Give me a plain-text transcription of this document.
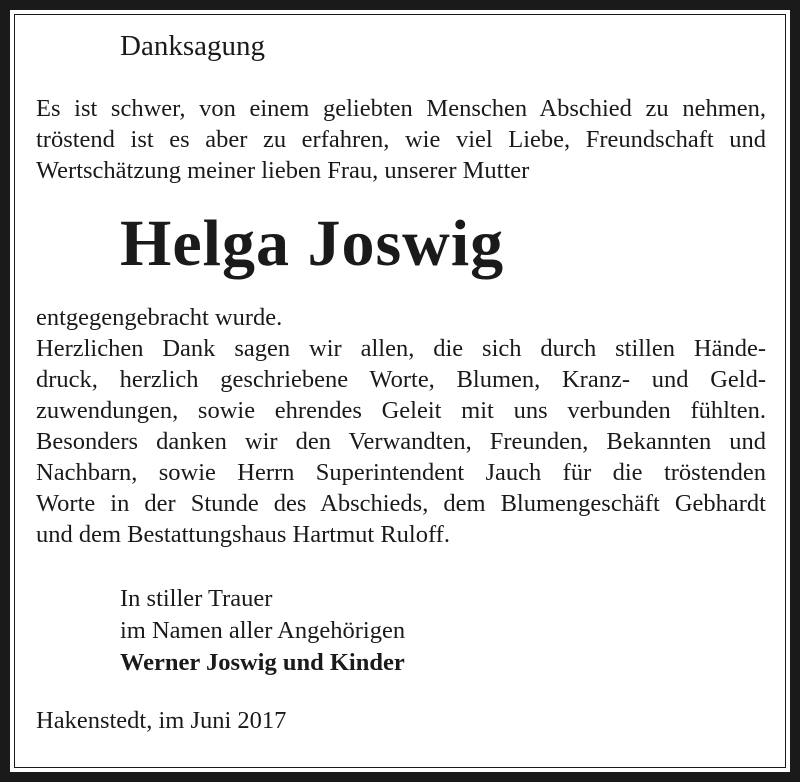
Danksagung

Es ist schwer, von einem geliebten Menschen Abschied zu nehmen,

tröstend ist es aber zu erfahren, wie viel Liebe, Freundschaft und

Wertschätzung meiner lieben Frau, unserer Mutter

Helga Joswig

entgegengebracht wurde.

Herzlichen Dank sagen wir allen, die sich durch stillen Hände-

druck, herzlich geschriebene Worte, Blumen, Kranz- und Geld-

zuwendungen, sowie ehrendes Geleit mit uns verbunden fühlten.

Besonders danken wir den Verwandten, Freunden, Bekannten und

Nachbarn, sowie Herrn Superintendent Jauch für die tröstenden

Worte in der Stunde des Abschieds, dem Blumengeschäft Gebhardt

und dem Bestattungshaus Hartmut Ruloff.

In stiller Trauer

im Namen aller Angehörigen

Werner Joswig und Kinder

Hakenstedt, im Juni 2017
